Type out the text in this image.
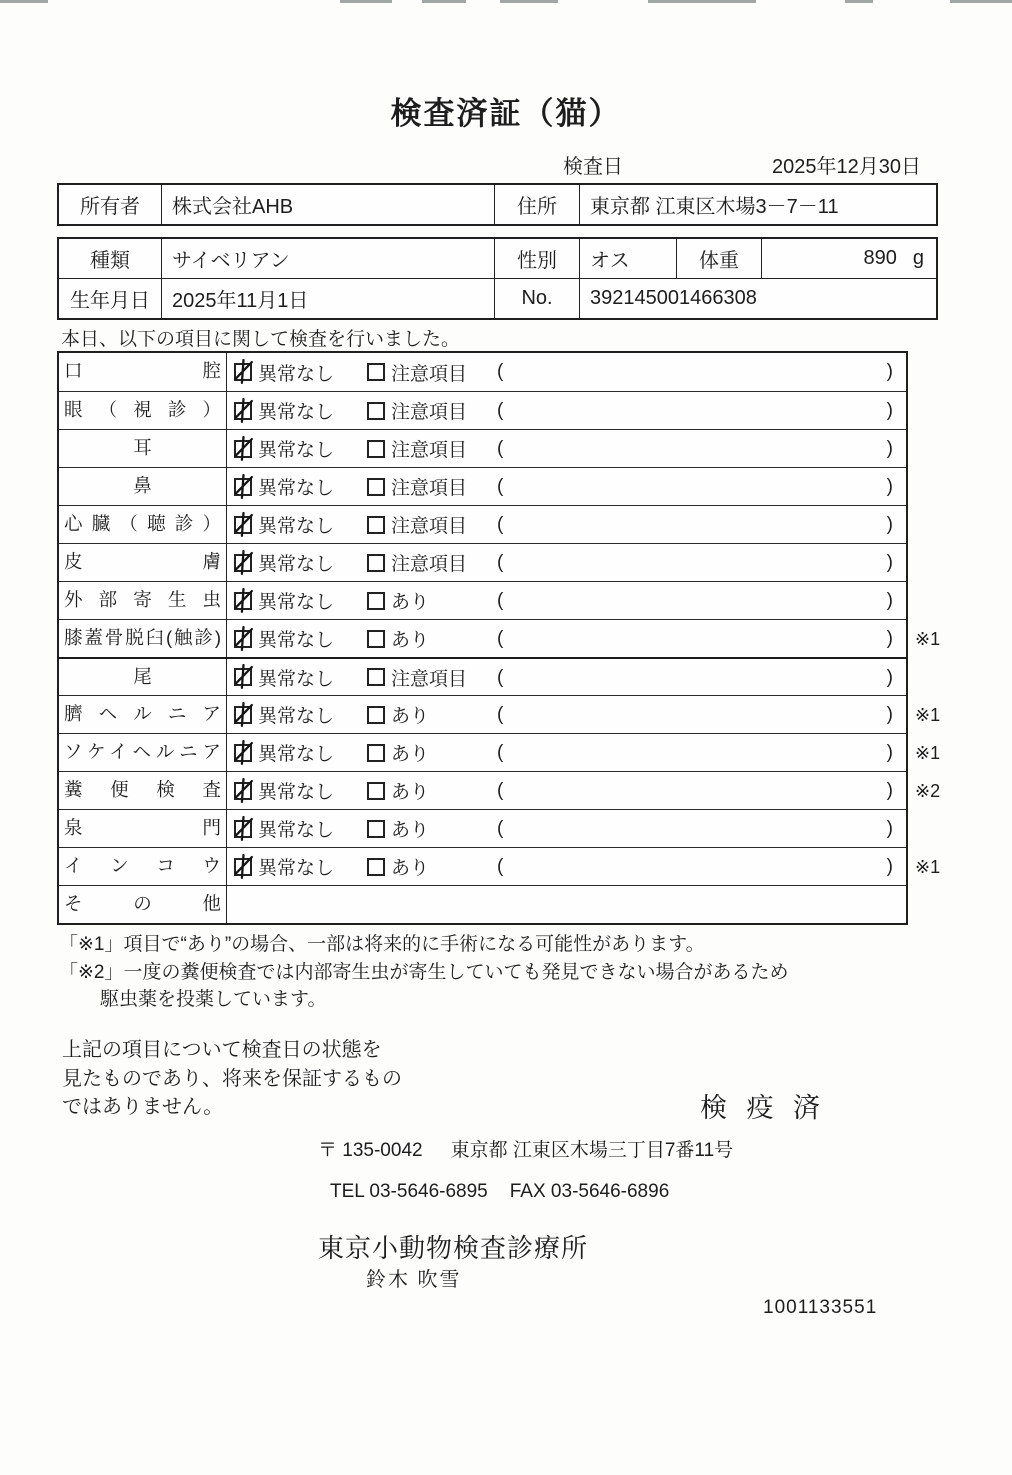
検査済証（猫）
検査日	2025年12月30日
所有者	株式会社AHB	住所	東京都 江東区木場3－7－11
種類	サイベリアン	性別	オス	体重	890 g
生年月日	2025年11月1日	No.	392145001466308
本日、以下の項目に関して検査を行いました。
口腔	異常なし	注意項目 (	)
眼（視診）	異常なし	注意項目 (	)
耳	異常なし	注意項目 (	)
鼻	異常なし	注意項目 (	)
心臓（聴診）	異常なし	注意項目 (	)
皮膚	異常なし	注意項目 (	)
外部寄生虫	異常なし	あり	(	)
膝蓋骨脱臼(触診)	異常なし	あり	(	)	※1
尾	異常なし	注意項目 (	)
臍ヘルニア	異常なし	あり	(	)	※1
ソケイヘルニア	異常なし	あり	(	)	※1
糞便検査	異常なし	あり	(	)	※2
泉門	異常なし	あり	(	)
インコウ	異常なし	あり	(	)	※1
その他
「※1」項目で“あり”の場合、一部は将来的に手術になる可能性があります。
「※2」一度の糞便検査では内部寄生虫が寄生していても発見できない場合があるため
駆虫薬を投薬しています。
上記の項目について検査日の状態を
見たものであり、将来を保証するもの
ではありません。	検 疫 済
〒 135-0042 東京都 江東区木場三丁目7番11号
TEL 03-5646-6895 FAX 03-5646-6896
東京小動物検査診療所
鈴木 吹雪
1001133551
